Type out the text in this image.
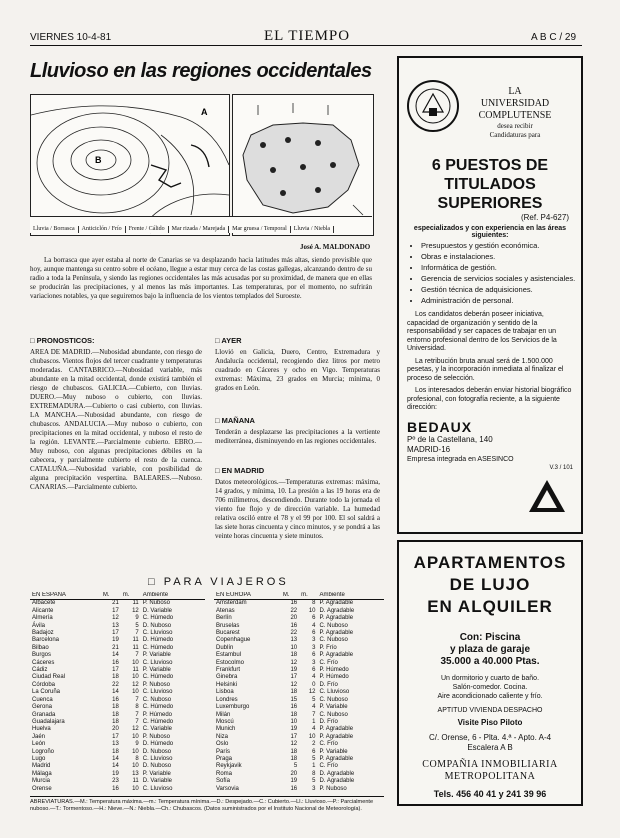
VIERNES 10-4-81	EL TIEMPO	A B C / 29
Lluvioso en las regiones occidentales
B
A
Lluvia / Borrasca Anticiclón / Frío Frente / Cálido Mar rizada / Marejada Mar gruesa / Temporal Lluvia / Niebla
José A. MALDONADO
La borrasca que ayer estaba al norte de Canarias se va desplazando hacia latitudes más altas, siendo previsible que hoy, aunque mantenga su centro sobre el océano, llegue a estar muy cerca de las costas gallegas, alcanzando dentro de su radio a toda la Península, y siendo las regiones occidentales las más acusadas por su proximidad, de manera que en ellas se producirán las precipitaciones, y al menos las más importantes. Las temperaturas, por el momento, no sufrirán variaciones notables, ya que seguiremos bajo la influencia de los vientos templados del Suroeste.
□ PRONOSTICOS:
AREA DE MADRID.—Nubosidad abundante, con riesgo de chubascos. Vientos flojos del tercer cuadrante y temperaturas moderadas. CANTABRICO.—Nubosidad variable, más abundante en la mitad occidental, donde existirá también el riesgo de chubascos. GALICIA.—Cubierto, con lluvias. DUERO.—Muy nuboso o cubierto, con lluvias. EXTREMADURA.—Cubierto o casi cubierto, con lluvias. LA MANCHA.—Nubosidad abundante, con riesgo de chubascos. ANDALUCIA.—Muy nuboso o cubierto, con precipitaciones en la mitad occidental, y nuboso el resto de la región. LEVANTE.—Parcialmente cubierto. EBRO.—Muy nuboso, con algunas precipitaciones débiles en la cabecera, y parcialmente cubierto el resto de la cuenca. CATALUÑA.—Nubosidad variable, con posibilidad de alguna precipitación vespertina. BALEARES.—Nuboso. CANARIAS.—Parcialmente cubierto.
□ AYER
Llovió en Galicia, Duero, Centro, Extremadura y Andalucía occidental, recogiendo diez litros por metro cuadrado en Cáceres y ocho en Vigo. Temperaturas extremas: Máxima, 23 grados en Murcia; mínima, 0 grados en León.
□ MAÑANA
Tenderán a desplazarse las precipitaciones a la vertiente mediterránea, disminuyendo en las regiones occidentales.
□ EN MADRID
Datos meteorológicos.—Temperaturas extremas: máxima, 14 grados, y mínima, 10. La presión a las 19 horas era de 706 milímetros, descendiendo. Durante todo la jornada el viento fue flojo y de dirección variable. La humedad relativa osciló entre el 78 y el 99 por 100. El sol saldrá a las siete horas cincuenta y cinco minutos, y se pondrá a las veinte horas cincuenta y siete minutos.
□ PARA VIAJEROS
EN ESPAÑA	M.	m.	Ambiente
Albacete	21	11	P. Nuboso
Alicante	17	12	D. Variable
Almería	12	9	C. Húmedo
Ávila	13	5	D. Nuboso
Badajoz	17	7	C. Lluvioso
Barcelona	19	11	D. Húmedo
Bilbao	21	11	C. Húmedo
Burgos	14	7	P. Variable
Cáceres	16	10	C. Lluvioso
Cádiz	17	11	P. Variable
Ciudad Real	18	10	C. Húmedo
Córdoba	22	12	P. Nuboso
La Coruña	14	10	C. Lluvioso
Cuenca	16	7	C. Nuboso
Gerona	18	8	C. Húmedo
Granada	18	7	P. Húmedo
Guadalajara	18	7	C. Húmedo
Huelva	20	12	C. Variable
Jaén	17	10	P. Nuboso
León	13	9	D. Húmedo
Logroño	18	10	D. Nuboso
Lugo	14	8	C. Lluvioso
Madrid	14	10	D. Nuboso
Málaga	19	13	P. Variable
Murcia	23	11	D. Variable
Orense	16	10	C. Lluvioso

EN EUROPA	M.	m.	Ambiente
Amsterdam	16	8	P. Agradable
Atenas	22	10	D. Agradable
Berlín	20	6	P. Agradable
Bruselas	16	4	C. Nuboso
Bucarest	22	6	P. Agradable
Copenhague	13	3	C. Nuboso
Dublín	10	3	P. Frío
Estambul	18	6	P. Agradable
Estocolmo	12	3	C. Frío
Frankfurt	19	6	P. Húmedo
Ginebra	17	4	P. Húmedo
Helsinki	12	0	D. Frío
Lisboa	18	12	C. Lluvioso
Londres	15	5	C. Nuboso
Luxemburgo	16	4	P. Variable
Milán	18	7	C. Nuboso
Moscú	10	1	D. Frío
Munich	19	4	P. Agradable
Niza	17	10	P. Agradable
Oslo	12	2	C. Frío
París	18	6	P. Variable
Praga	18	5	P. Agradable
Reykjavik	5	1	C. Frío
Roma	20	8	D. Agradable
Sofía	19	5	D. Agradable
Varsovia	16	3	P. Nuboso

ABREVIATURAS.—M.: Temperatura máxima.—m.: Temperatura mínima.—D.: Despejado.—C.: Cubierto.—Ll.: Lluvioso.—P.: Parcialmente nuboso.—T.: Tormentoso.—H.: Nieve.—N.: Niebla.—Ch.: Chubascos. (Datos suministrados por el Instituto Nacional de Meteorología).
LA
UNIVERSIDAD
COMPLUTENSE
desea recibir
Candidaturas para
6 PUESTOS DE
TITULADOS
SUPERIORES
(Ref. P4-627)
especializados y con experiencia en las áreas siguientes:
• Presupuestos y gestión económica.
• Obras e instalaciones.
• Informática de gestión.
• Gerencia de servicios sociales y asistenciales.
• Gestión técnica de adquisiciones.
• Administración de personal.
Los candidatos deberán poseer iniciativa, capacidad de organización y sentido de la responsabilidad y ser capaces de trabajar en un entorno profesional dentro de los Servicios de la Universidad.
La retribución bruta anual será de 1.500.000 pesetas, y la incorporación inmediata al finalizar el proceso de selección.
Los interesados deberán enviar historial biográfico profesional, con fotografía reciente, a la siguiente dirección:
BEDAUX
Pº de la Castellana, 140
MADRID-16
Empresa integrada en ASESINCO
V.3 / 101
APARTAMENTOS
DE LUJO
EN ALQUILER
Con: Piscina
y plaza de garaje
35.000 a 40.000 Ptas.
Un dormitorio y cuarto de baño.
Salón-comedor. Cocina.
Aire acondicionado caliente y frío.
APTITUD VIVIENDA DESPACHO
Visite Piso Piloto
C/. Orense, 6 - Plta. 4.ª - Apto. A-4
Escalera A B
COMPAÑIA INMOBILIARIA
METROPOLITANA
Tels. 456 40 41 y 241 39 96
